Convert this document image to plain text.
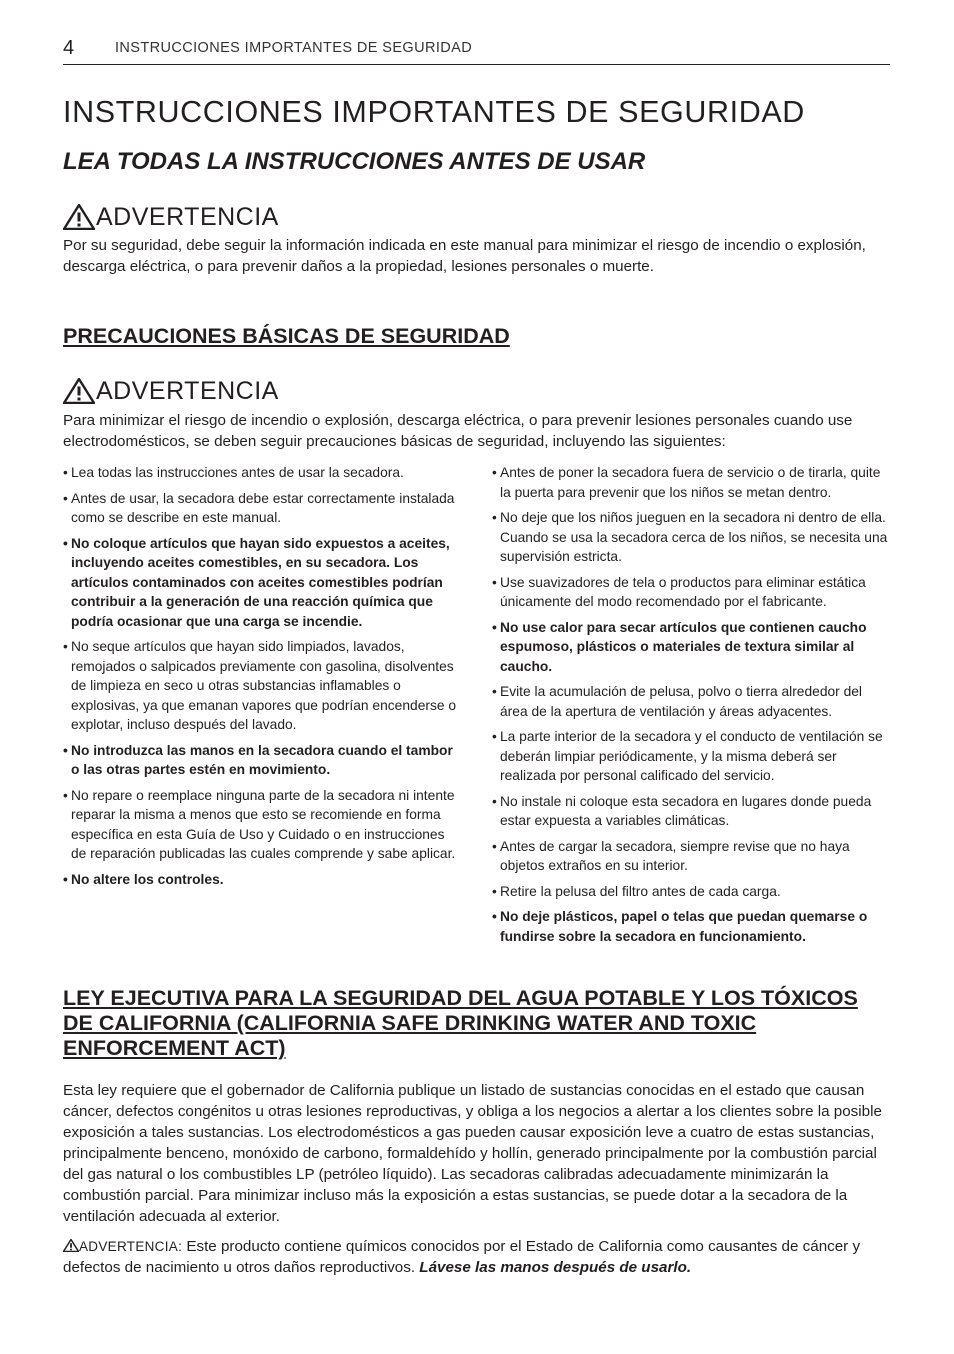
4	INSTRUCCIONES IMPORTANTES DE SEGURIDAD
INSTRUCCIONES IMPORTANTES DE SEGURIDAD
LEA TODAS LA INSTRUCCIONES ANTES DE USAR
ADVERTENCIA

Por su seguridad, debe seguir la información indicada en este manual para minimizar el riesgo de incendio o explosión, descarga eléctrica, o para prevenir daños a la propiedad, lesiones personales o muerte.

PRECAUCIONES BÁSICAS DE SEGURIDAD
ADVERTENCIA

Para minimizar el riesgo de incendio o explosión, descarga eléctrica, o para prevenir lesiones personales cuando use electrodomésticos, se deben seguir precauciones básicas de seguridad, incluyendo las siguientes:

• Lea todas las instrucciones antes de usar la secadora.
• Antes de usar, la secadora debe estar correctamente instalada como se describe en este manual.
• No coloque artículos que hayan sido expuestos a aceites, incluyendo aceites comestibles, en su secadora. Los artículos contaminados con aceites comestibles podrían contribuir a la generación de una reacción química que podría ocasionar que una carga se incendie.
• No seque artículos que hayan sido limpiados, lavados, remojados o salpicados previamente con gasolina, disolventes de limpieza en seco u otras substancias inflamables o explosivas, ya que emanan vapores que podrían encenderse o explotar, incluso después del lavado.
• No introduzca las manos en la secadora cuando el tambor o las otras partes estén en movimiento.
• No repare o reemplace ninguna parte de la secadora ni intente reparar la misma a menos que esto se recomiende en forma específica en esta Guía de Uso y Cuidado o en instrucciones de reparación publicadas las cuales comprende y sabe aplicar.
• No altere los controles.
• Antes de poner la secadora fuera de servicio o de tirarla, quite la puerta para prevenir que los niños se metan dentro.
• No deje que los niños jueguen en la secadora ni dentro de ella. Cuando se usa la secadora cerca de los niños, se necesita una supervisión estricta.
• Use suavizadores de tela o productos para eliminar estática únicamente del modo recomendado por el fabricante.
• No use calor para secar artículos que contienen caucho espumoso, plásticos o materiales de textura similar al caucho.
• Evite la acumulación de pelusa, polvo o tierra alrededor del área de la apertura de ventilación y áreas adyacentes.
• La parte interior de la secadora y el conducto de ventilación se deberán limpiar periódicamente, y la misma deberá ser realizada por personal calificado del servicio.
• No instale ni coloque esta secadora en lugares donde pueda estar expuesta a variables climáticas.
• Antes de cargar la secadora, siempre revise que no haya objetos extraños en su interior.
• Retire la pelusa del filtro antes de cada carga.
• No deje plásticos, papel o telas que puedan quemarse o fundirse sobre la secadora en funcionamiento.
LEY EJECUTIVA PARA LA SEGURIDAD DEL AGUA POTABLE Y LOS TÓXICOS DE CALIFORNIA (CALIFORNIA SAFE DRINKING WATER AND TOXIC ENFORCEMENT ACT)

Esta ley requiere que el gobernador de California publique un listado de sustancias conocidas en el estado que causan cáncer, defectos congénitos u otras lesiones reproductivas, y obliga a los negocios a alertar a los clientes sobre la posible exposición a tales sustancias. Los electrodomésticos a gas pueden causar exposición leve a cuatro de estas sustancias, principalmente benceno, monóxido de carbono, formaldehído y hollín, generado principalmente por la combustión parcial del gas natural o los combustibles LP (petróleo líquido). Las secadoras calibradas adecuadamente minimizarán la combustión parcial. Para minimizar incluso más la exposición a estas sustancias, se puede dotar a la secadora de la ventilación adecuada al exterior.

ADVERTENCIA: Este producto contiene químicos conocidos por el Estado de California como causantes de cáncer y defectos de nacimiento u otros daños reproductivos. Lávese las manos después de usarlo.
